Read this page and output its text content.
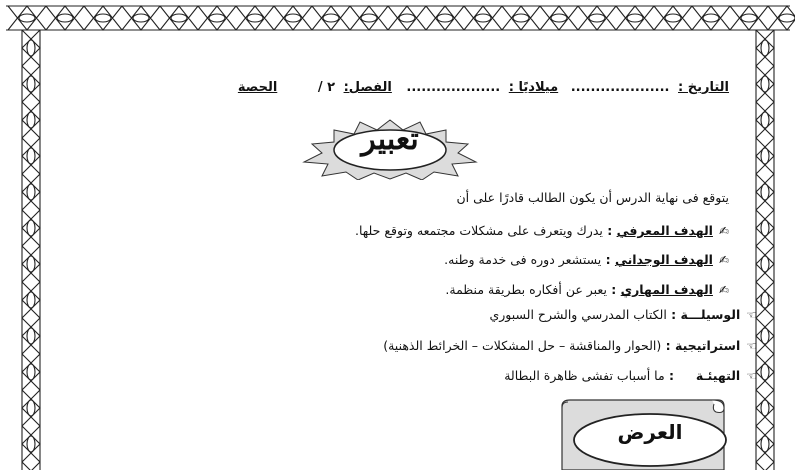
التاريخ : .................... ميلاديًا : ................... الفصل: ٢ / الحصة
تعبير
يتوقع فى نهاية الدرس أن يكون الطالب قادرًا على أن
✍الهدف المعرفي : يدرك ويتعرف على مشكلات مجتمعه وتوقع حلها.
✍الهدف الوجداني : يستشعر دوره فى خدمة وطنه.
✍الهدف المهاري : يعبر عن أفكاره بطريقة منظمة.
☜الوسيلـــة : الكتاب المدرسي والشرح السبوري
☜استراتيجية : (الحوار والمناقشة – حل المشكلات – الخرائط الذهنية)
☜التهيئـة     : ما أسباب تفشى ظاهرة البطالة
العرض
